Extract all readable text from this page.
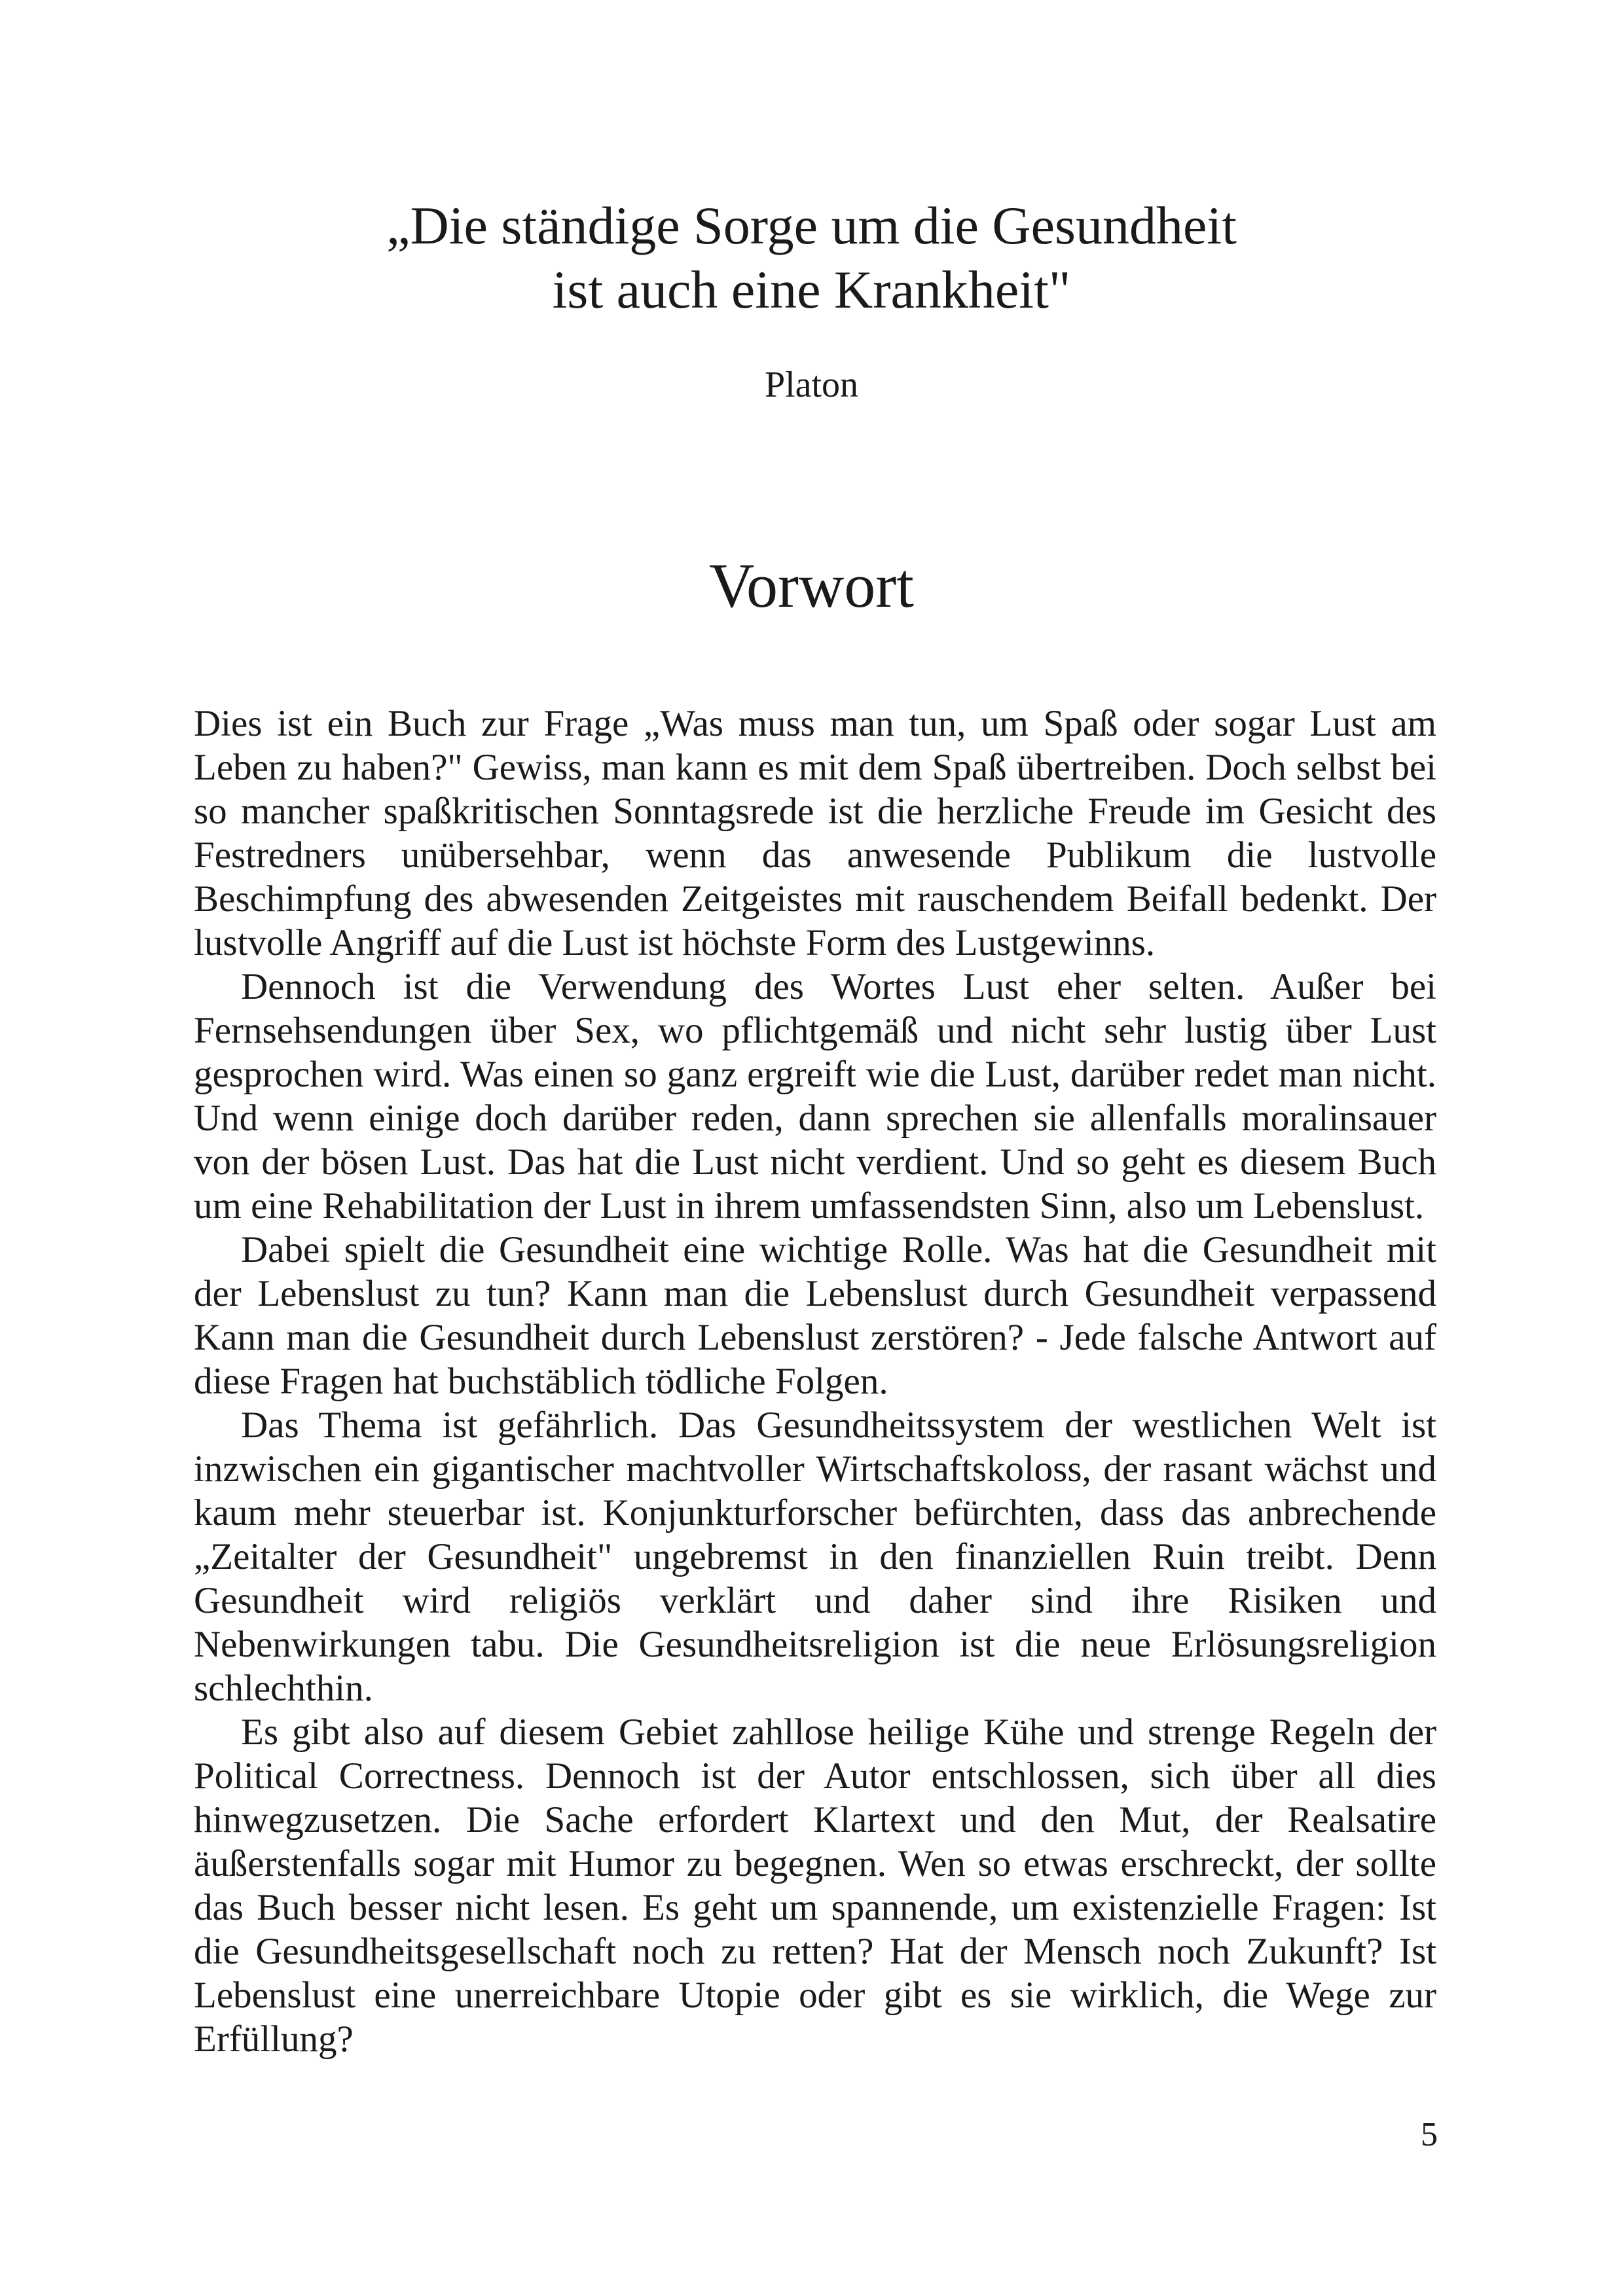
„Die ständige Sorge um die Gesundheit
ist auch eine Krankheit"
Platon
Vorwort

Dies ist ein Buch zur Frage „Was muss man tun, um Spaß oder sogar Lust am Leben zu haben?" Gewiss, man kann es mit dem Spaß übertreiben. Doch selbst bei so mancher spaßkritischen Sonntagsrede ist die herzliche Freude im Gesicht des Festredners unübersehbar, wenn das anwesende Publikum die lustvolle Beschimpfung des abwesenden Zeitgeistes mit rauschendem Beifall bedenkt. Der lustvolle Angriff auf die Lust ist höchste Form des Lustgewinns.

Dennoch ist die Verwendung des Wortes Lust eher selten. Außer bei Fernsehsendungen über Sex, wo pflichtgemäß und nicht sehr lustig über Lust gesprochen wird. Was einen so ganz ergreift wie die Lust, darüber redet man nicht. Und wenn einige doch darüber reden, dann sprechen sie allenfalls moralinsauer von der bösen Lust. Das hat die Lust nicht verdient. Und so geht es diesem Buch um eine Rehabilitation der Lust in ihrem umfassendsten Sinn, also um Lebenslust.

Dabei spielt die Gesundheit eine wichtige Rolle. Was hat die Gesundheit mit der Lebenslust zu tun? Kann man die Lebenslust durch Gesundheit verpassend Kann man die Gesundheit durch Lebenslust zerstören? - Jede falsche Antwort auf diese Fragen hat buchstäblich tödliche Folgen.

Das Thema ist gefährlich. Das Gesundheitssystem der westlichen Welt ist inzwischen ein gigantischer machtvoller Wirtschaftskoloss, der rasant wächst und kaum mehr steuerbar ist. Konjunkturforscher befürchten, dass das anbrechende „Zeitalter der Gesundheit" ungebremst in den finanziellen Ruin treibt. Denn Gesundheit wird religiös verklärt und daher sind ihre Risiken und Nebenwirkungen tabu. Die Gesundheitsreligion ist die neue Erlösungsreligion schlechthin.

Es gibt also auf diesem Gebiet zahllose heilige Kühe und strenge Regeln der Political Correctness. Dennoch ist der Autor entschlossen, sich über all dies hinwegzusetzen. Die Sache erfordert Klartext und den Mut, der Realsatire äußerstenfalls sogar mit Humor zu begegnen. Wen so etwas erschreckt, der sollte das Buch besser nicht lesen. Es geht um spannende, um existenzielle Fragen: Ist die Gesundheitsgesellschaft noch zu retten? Hat der Mensch noch Zukunft? Ist Lebenslust eine unerreichbare Utopie oder gibt es sie wirklich, die Wege zur Erfüllung?

5
